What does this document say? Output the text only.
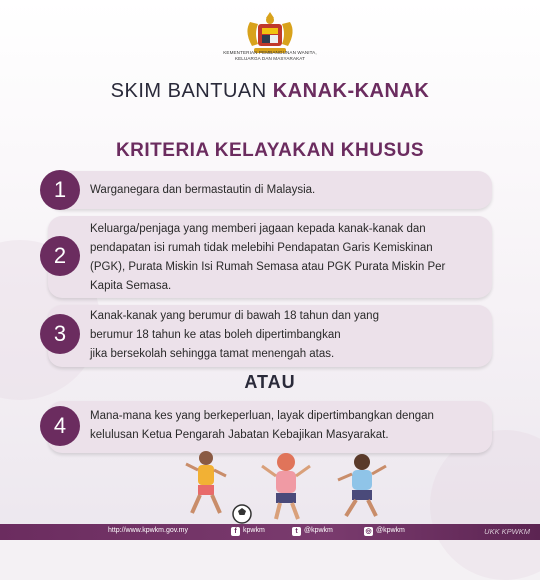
KEMENTERIAN PEMBANGUNAN WANITA,
KELUARGA DAN MASYARAKAT
SKIM BANTUAN KANAK-KANAK
KRITERIA KELAYAKAN KHUSUS
Warganegara dan bermastautin di Malaysia.
1
Keluarga/penjaga yang memberi jagaan kepada kanak-kanak dan
pendapatan isi rumah tidak melebihi Pendapatan Garis Kemiskinan
(PGK), Purata Miskin Isi Rumah Semasa atau PGK Purata Miskin Per
Kapita Semasa.
2
Kanak-kanak yang berumur di bawah 18 tahun dan yang
berumur 18 tahun ke atas boleh dipertimbangkan
jika bersekolah sehingga tamat menengah atas.
3
ATAU
Mana-mana kes yang berkeperluan, layak dipertimbangkan dengan
kelulusan Ketua Pengarah Jabatan Kebajikan Masyarakat.
4
http://www.kpwkm.gov.my	f kpwkm	t @kpwkm	◎ @kpwkm	UKK KPWKM
